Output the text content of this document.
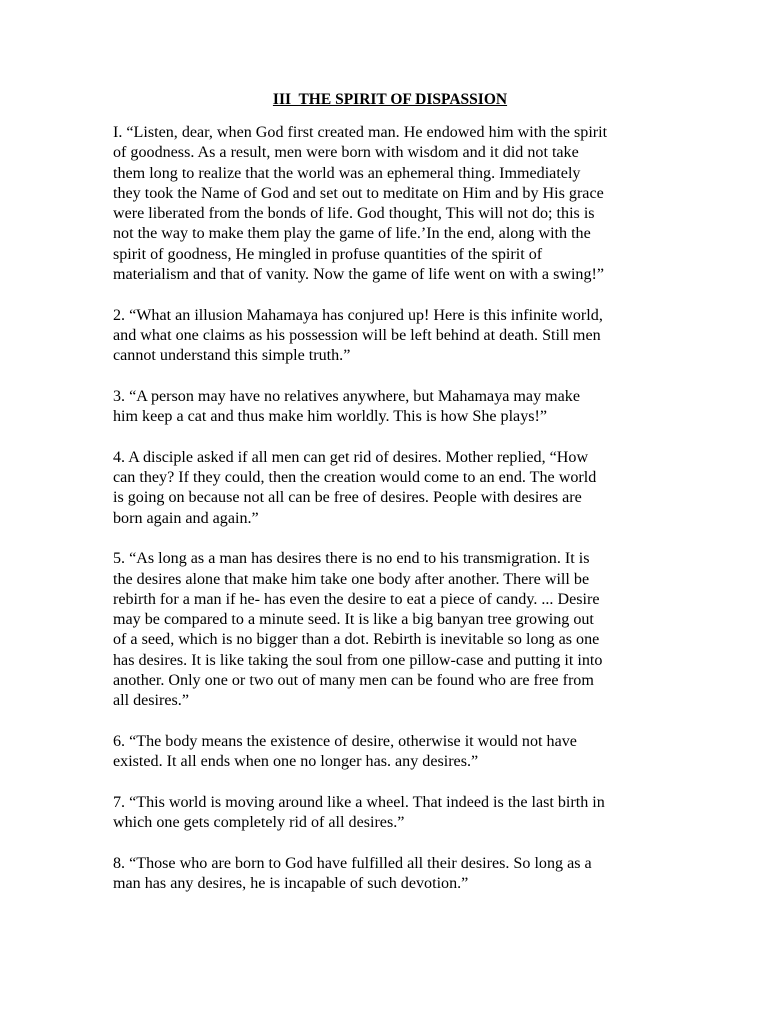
III  THE SPIRIT OF DISPASSION
I. “Listen, dear, when God first created man. He endowed him with the spirit
of goodness. As a result, men were born with wisdom and it did not take
them long to realize that the world was an ephemeral thing. Immediately
they took the Name of God and set out to meditate on Him and by His grace
were liberated from the bonds of life. God thought, This will not do; this is
not the way to make them play the game of life.’In the end, along with the
spirit of goodness, He mingled in profuse quantities of the spirit of
materialism and that of vanity. Now the game of life went on with a swing!”
2. “What an illusion Mahamaya has conjured up! Here is this infinite world,
and what one claims as his possession will be left behind at death. Still men
cannot understand this simple truth.”
3. “A person may have no relatives anywhere, but Mahamaya may make
him keep a cat and thus make him worldly. This is how She plays!”
4. A disciple asked if all men can get rid of desires. Mother replied, “How
can they? If they could, then the creation would come to an end. The world
is going on because not all can be free of desires. People with desires are
born again and again.”
5. “As long as a man has desires there is no end to his transmigration. It is
the desires alone that make him take one body after another. There will be
rebirth for a man if he- has even the desire to eat a piece of candy. ... Desire
may be compared to a minute seed. It is like a big banyan tree growing out
of a seed, which is no bigger than a dot. Rebirth is inevitable so long as one
has desires. It is like taking the soul from one pillow-case and putting it into
another. Only one or two out of many men can be found who are free from
all desires.”
6. “The body means the existence of desire, otherwise it would not have
existed. It all ends when one no longer has. any desires.”
7. “This world is moving around like a wheel. That indeed is the last birth in
which one gets completely rid of all desires.”
8. “Those who are born to God have fulfilled all their desires. So long as a
man has any desires, he is incapable of such devotion.”
